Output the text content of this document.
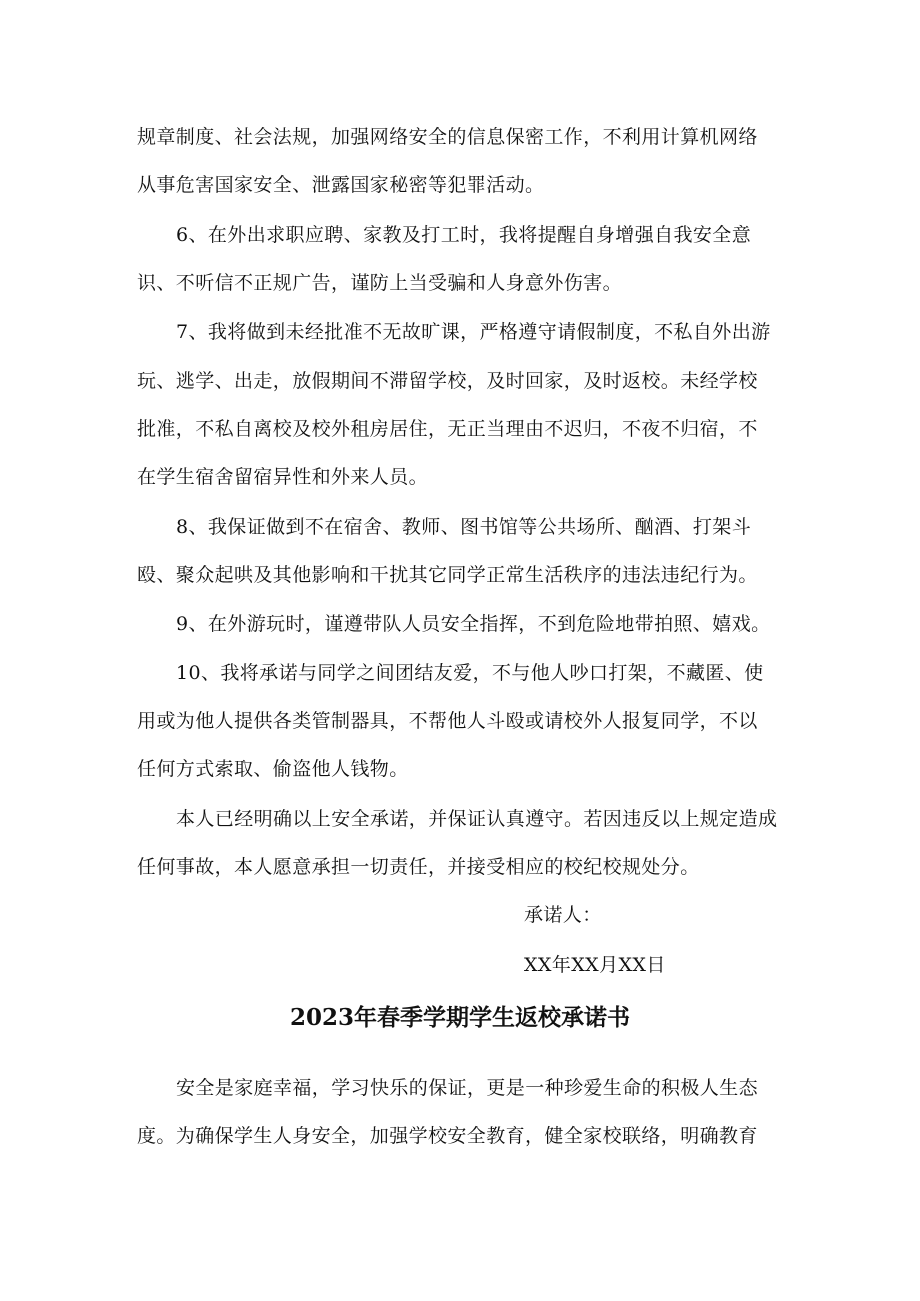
规章制度、社会法规，加强网络安全的信息保密工作，不利用计算机网络
从事危害国家安全、泄露国家秘密等犯罪活动。
6、在外出求职应聘、家教及打工时，我将提醒自身增强自我安全意
识、不听信不正规广告，谨防上当受骗和人身意外伤害。
7、我将做到未经批准不无故旷课，严格遵守请假制度，不私自外出游
玩、逃学、出走，放假期间不滞留学校，及时回家，及时返校。未经学校
批准，不私自离校及校外租房居住，无正当理由不迟归，不夜不归宿，不
在学生宿舍留宿异性和外来人员。
8、我保证做到不在宿舍、教师、图书馆等公共场所、酗酒、打架斗
殴、聚众起哄及其他影响和干扰其它同学正常生活秩序的违法违纪行为。
9、在外游玩时，谨遵带队人员安全指挥，不到危险地带拍照、嬉戏。
10、我将承诺与同学之间团结友爱，不与他人吵口打架，不藏匿、使
用或为他人提供各类管制器具，不帮他人斗殴或请校外人报复同学，不以
任何方式索取、偷盗他人钱物。
本人已经明确以上安全承诺，并保证认真遵守。若因违反以上规定造成
任何事故，本人愿意承担一切责任，并接受相应的校纪校规处分。
承诺人：
XX年XX月XX日
2023年春季学期学生返校承诺书
安全是家庭幸福，学习快乐的保证，更是一种珍爱生命的积极人生态
度。为确保学生人身安全，加强学校安全教育，健全家校联络，明确教育
